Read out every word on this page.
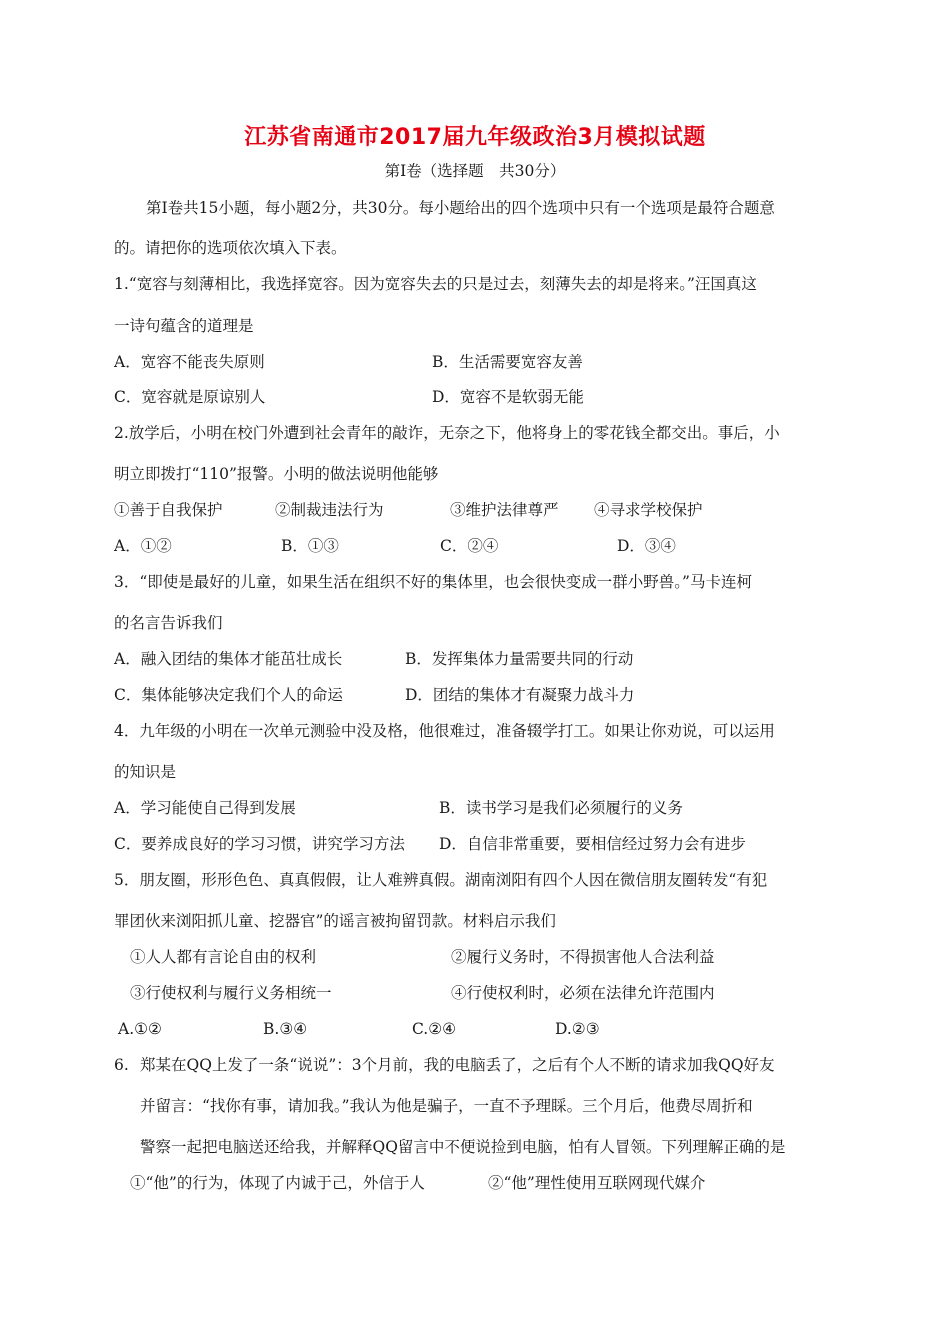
江苏省南通市2017届九年级政治3月模拟试题
第Ⅰ卷（选择题　共30分）
第Ⅰ卷共15小题，每小题2分，共30分。每小题给出的四个选项中只有一个选项是最符合题意
的。请把你的选项依次填入下表。
1.“宽容与刻薄相比，我选择宽容。因为宽容失去的只是过去，刻薄失去的却是将来。”汪国真这
一诗句蕴含的道理是
A．宽容不能丧失原则	B．生活需要宽容友善
C．宽容就是原谅别人	D．宽容不是软弱无能
2.放学后，小明在校门外遭到社会青年的敲诈，无奈之下，他将身上的零花钱全都交出。事后，小
明立即拨打“110”报警。小明的做法说明他能够
①善于自我保护	②制裁违法行为	③维护法律尊严 ④寻求学校保护
A．①②	B．①③	C．②④	D．③④
3．“即使是最好的儿童，如果生活在组织不好的集体里，也会很快变成一群小野兽。”马卡连柯
的名言告诉我们
A．融入团结的集体才能茁壮成长	B．发挥集体力量需要共同的行动
C．集体能够决定我们个人的命运	D．团结的集体才有凝聚力战斗力
4．九年级的小明在一次单元测验中没及格，他很难过，准备辍学打工。如果让你劝说，可以运用
的知识是
A．学习能使自己得到发展	B．读书学习是我们必须履行的义务
C．要养成良好的学习习惯，讲究学习方法 D．自信非常重要，要相信经过努力会有进步
5．朋友圈，形形色色、真真假假，让人难辨真假。湖南浏阳有四个人因在微信朋友圈转发“有犯
罪团伙来浏阳抓儿童、挖器官”的谣言被拘留罚款。材料启示我们
①人人都有言论自由的权利	②履行义务时，不得损害他人合法利益
③行使权利与履行义务相统一	④行使权利时，必须在法律允许范围内
A.①②	B.③④	C.②④	D.②③
6. 郑某在QQ上发了一条“说说”：3个月前，我的电脑丢了，之后有个人不断的请求加我QQ好友
并留言：“找你有事，请加我。”我认为他是骗子，一直不予理睬。三个月后，他费尽周折和
警察一起把电脑送还给我，并解释QQ留言中不便说捡到电脑，怕有人冒领。下列理解正确的是
①“他”的行为，体现了内诚于己，外信于人	②“他”理性使用互联网现代媒介
